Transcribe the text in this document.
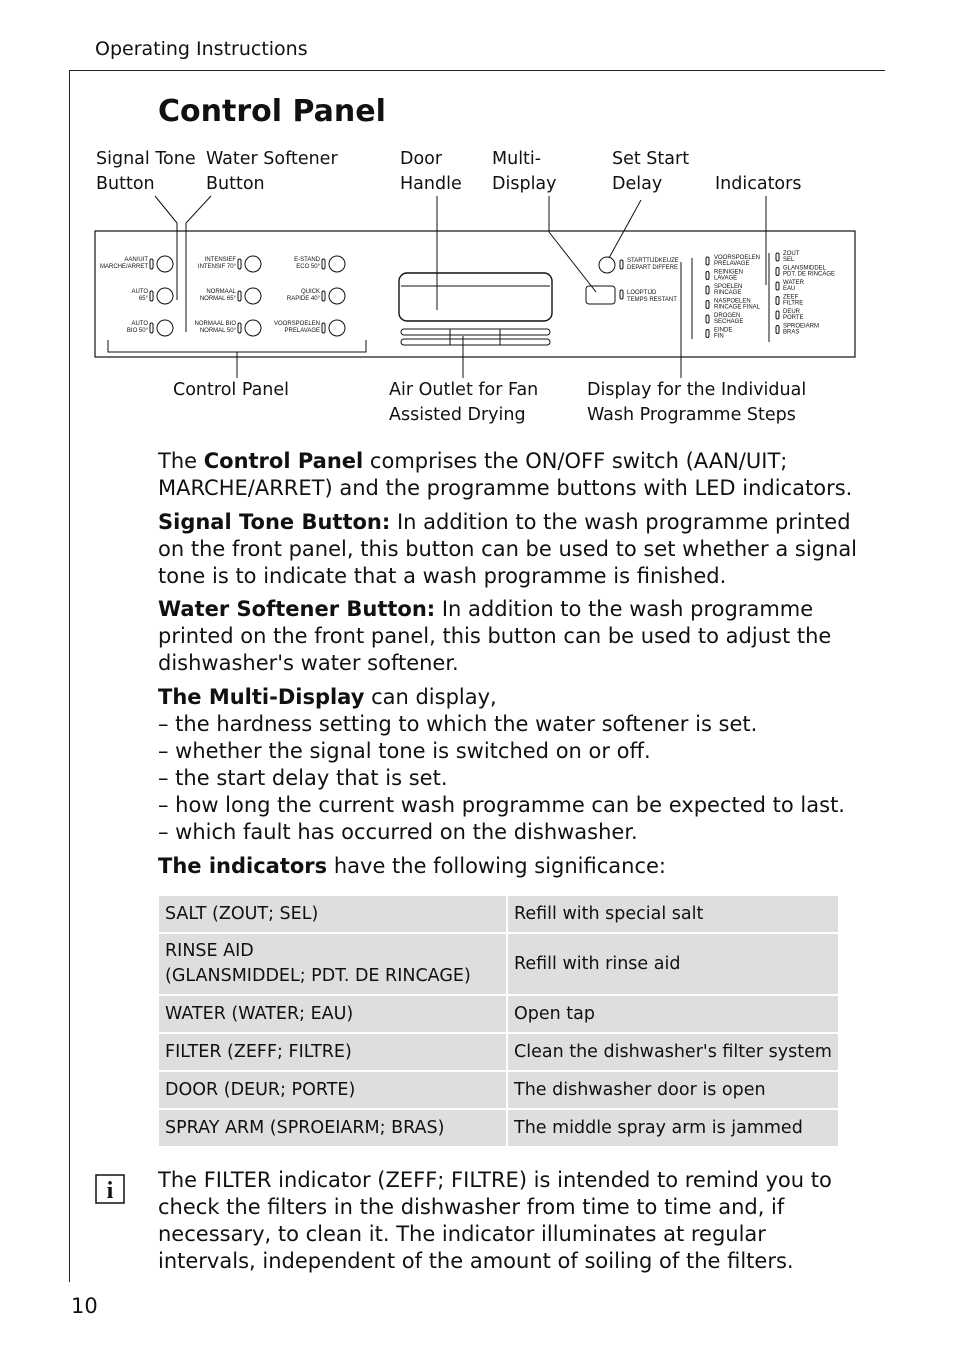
Operating Instructions
Control Panel
Signal Tone
Button
Water Softener
Button
Door
Handle
Multi-
Display
Set Start
Delay	Indicators
Control Panel	Air Outlet for Fan
Assisted Drying
Display for the Individual
Wash Programme Steps
AAN/UIT
MARCHE/ARRET
AUTO
65°
AUTO
BIO 50°
INTENSIEF
INTENSIF 70°
NORMAAL
NORMAL 65°
NORMAAL BIO
NORMAL 50°
E-STAND
ECO 50°
QUICK
RAPIDE 40°
VOORSPOELEN
PRELAVAGE
STARTTIJDKEUZE
DEPART DIFFERE
LOOPTIJD
TEMPS RESTANT
VOORSPOELEN
PRELAVAGE
REINIGEN
LAVAGE
SPOELEN
RINCAGE
NASPOELEN
RINCAGE FINAL
DROGEN
SECHAGE
EINDE
FIN
ZOUT
SEL
GLANSMIDDEL
PDT. DE RINCAGE
WATER
EAU
ZEEF
FILTRE
DEUR
PORTE
SPROEIARM
BRAS
The Control Panel comprises the ON/OFF switch (AAN/UIT; MARCHE/ARRET) and the programme buttons with LED indicators.
Signal Tone Button: In addition to the wash programme printed on the front panel, this button can be used to set whether a signal tone is to indicate that a wash programme is finished.
Water Softener Button: In addition to the wash programme printed on the front panel, this button can be used to adjust the dishwasher's water softener.
The Multi-Display can display,
– the hardness setting to which the water softener is set.
– whether the signal tone is switched on or off.
– the start delay that is set.
– how long the current wash programme can be expected to last.
– which fault has occurred on the dishwasher.
The indicators have the following significance:
SALT (ZOUT; SEL)	Refill with special salt
RINSE AID
(GLANSMIDDEL; PDT. DE RINCAGE)	Refill with rinse aid
WATER (WATER; EAU)	Open tap
FILTER (ZEFF; FILTRE)	Clean the dishwasher's filter system
DOOR (DEUR; PORTE)	The dishwasher door is open
SPRAY ARM (SPROEIARM; BRAS)	The middle spray arm is jammed
i The FILTER indicator (ZEFF; FILTRE) is intended to remind you to check the filters in the dishwasher from time to time and, if necessary, to clean it. The indicator illuminates at regular intervals, independent of the amount of soiling of the filters.
10
